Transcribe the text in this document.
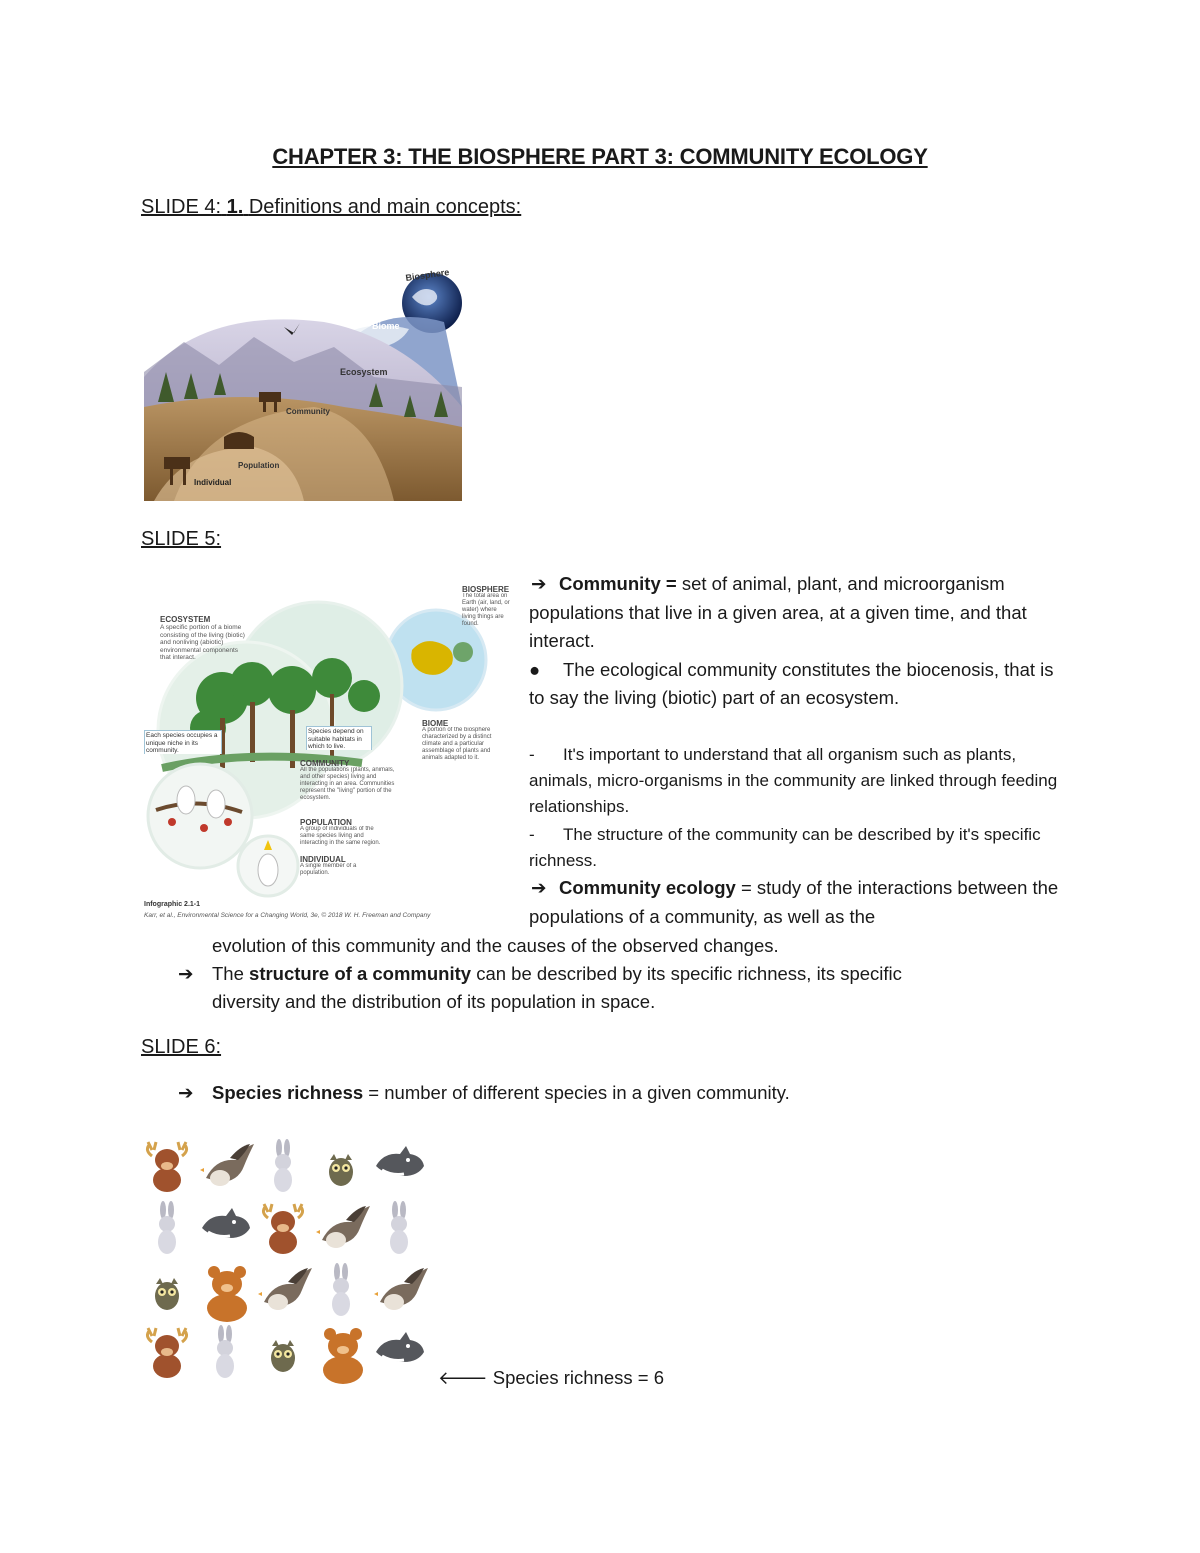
CHAPTER 3: THE BIOSPHERE PART 3: COMMUNITY ECOLOGY
SLIDE 4: 1. Definitions and main concepts:
Biosphere
Biome
Ecosystem
Community
Population
Individual
SLIDE 5:
ECOSYSTEM
A specific portion of a biome consisting of the living (biotic) and nonliving (abiotic) environmental components that interact.
Each species occupies a unique niche in its community.
Species depend on suitable habitats in which to live.
BIOSPHERE
The total area on Earth (air, land, or water) where living things are found.
BIOME
A portion of the biosphere characterized by a distinct climate and a particular assemblage of plants and animals adapted to it.
COMMUNITY
All the populations (plants, animals, and other species) living and interacting in an area. Communities represent the "living" portion of the ecosystem.
POPULATION
A group of individuals of the same species living and interacting in the same region.
INDIVIDUAL
A single member of a population.
Infographic 2.1-1
Karr, et al., Environmental Science for a Changing World, 3e, © 2018 W. H. Freeman and Company
➔ Community = set of animal, plant, and microorganism populations that live in a given area, at a given time, and that interact.
● The ecological community constitutes the biocenosis, that is to say the living (biotic) part of an ecosystem.
- It's important to understand that all organism such as plants, animals, micro-organisms in the community are linked through feeding relationships.
- The structure of the community can be described by it's specific richness.
➔ Community ecology = study of the interactions between the populations of a community, as well as the
evolution of this community and the causes of the observed changes.
➔ The structure of a community can be described by its specific richness, its specific
diversity and the distribution of its population in space.
SLIDE 6:
➔ Species richness = number of different species in a given community.
🡐 Species richness = 6
